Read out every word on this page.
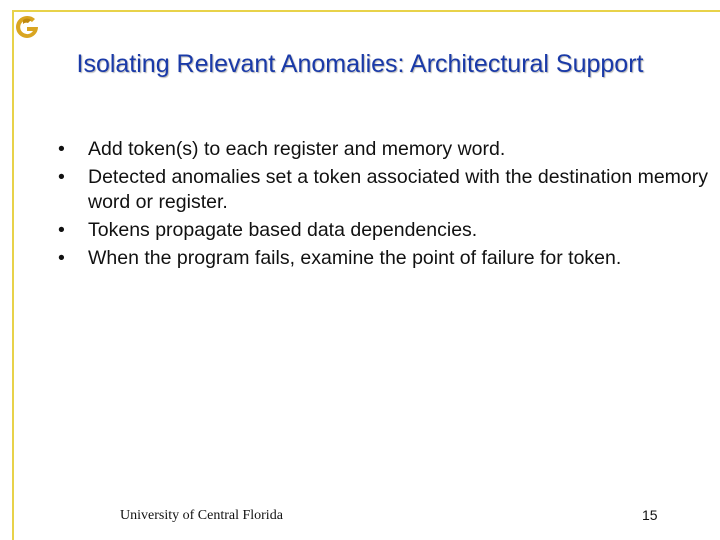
Isolating Relevant Anomalies: Architectural Support
• Add token(s) to each register and memory word.
• Detected anomalies set a token associated with the destination memory word or register.
• Tokens propagate based data dependencies.
• When the program fails, examine the point of failure for token.
University of Central Florida	15
